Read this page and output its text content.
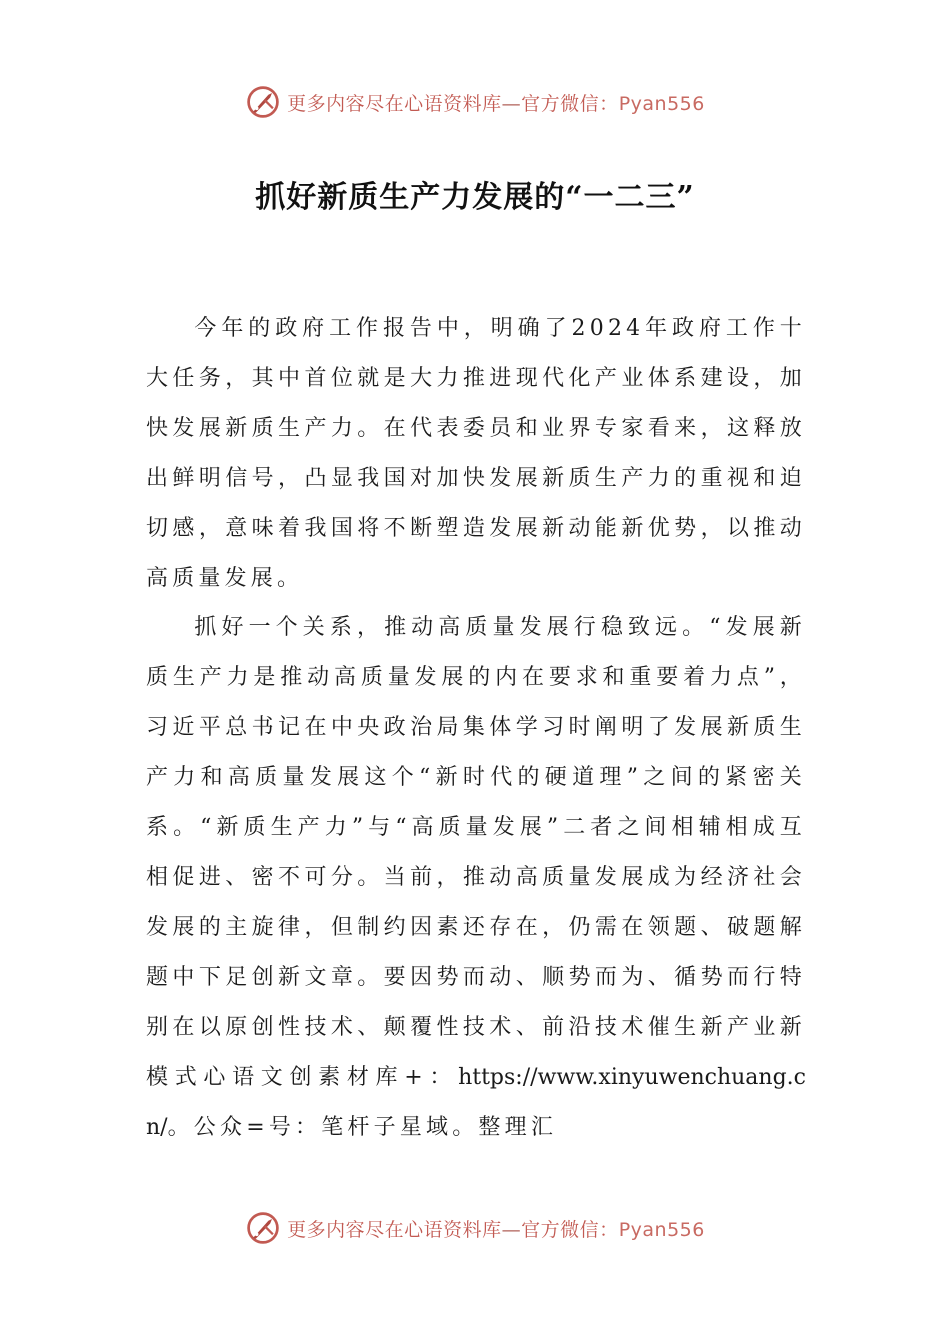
更多内容尽在心语资料库—官方微信：Pyan556
抓好新质生产力发展的“一二三”

今年的政府工作报告中，明确了2024年政府工作十大任务，其中首位就是大力推进现代化产业体系建设，加快发展新质生产力。在代表委员和业界专家看来，这释放出鲜明信号，凸显我国对加快发展新质生产力的重视和迫切感，意味着我国将不断塑造发展新动能新优势，以推动高质量发展。

抓好一个关系，推动高质量发展行稳致远。“发展新质生产力是推动高质量发展的内在要求和重要着力点”，习近平总书记在中央政治局集体学习时阐明了发展新质生产力和高质量发展这个“新时代的硬道理”之间的紧密关系。“新质生产力”与“高质量发展”二者之间相辅相成互相促进、密不可分。当前，推动高质量发展成为经济社会发展的主旋律，但制约因素还存在，仍需在领题、破题解题中下足创新文章。要因势而动、顺势而为、循势而行特别在以原创性技术、颠覆性技术、前沿技术催生新产业新模式心语文创素材库+：https://www.xinyuwenchuang.cn/。公众=号：笔杆子星域。整理汇

更多内容尽在心语资料库—官方微信：Pyan556
